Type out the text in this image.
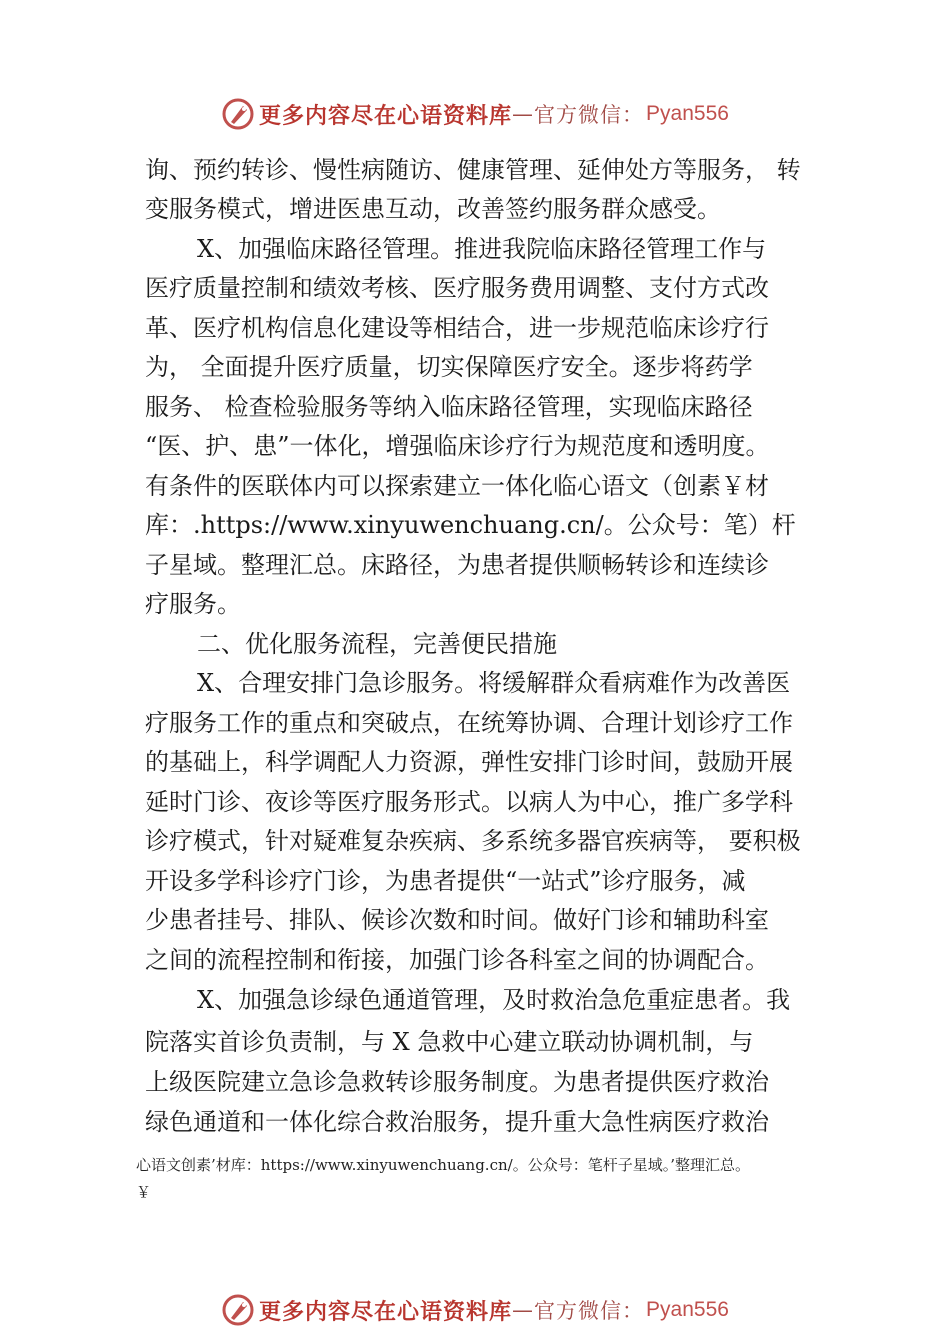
更多内容尽在心语资料库 — 官方微信： Pyan556
询、预约转诊、慢性病随访、健康管理、延伸处方等服务， 转
变服务模式，增进医患互动，改善签约服务群众感受。
X、加强临床路径管理。推进我院临床路径管理工作与
医疗质量控制和绩效考核、医疗服务费用调整、支付方式改
革、医疗机构信息化建设等相结合，进一步规范临床诊疗行
为， 全面提升医疗质量，切实保障医疗安全。逐步将药学
服务、 检查检验服务等纳入临床路径管理，实现临床路径
“医、护、患”一体化，增强临床诊疗行为规范度和透明度。
有条件的医联体内可以探索建立一体化临心语文（创素￥材
库：.https://www.xinyuwenchuang.cn/。公众号：笔）杆
子星域。整理汇总。床路径，为患者提供顺畅转诊和连续诊
疗服务。
二、优化服务流程，完善便民措施
X、合理安排门急诊服务。将缓解群众看病难作为改善医
疗服务工作的重点和突破点，在统筹协调、合理计划诊疗工作
的基础上，科学调配人力资源，弹性安排门诊时间，鼓励开展
延时门诊、夜诊等医疗服务形式。以病人为中心，推广多学科
诊疗模式，针对疑难复杂疾病、多系统多器官疾病等， 要积极
开设多学科诊疗门诊，为患者提供“一站式”诊疗服务，减
少患者挂号、排队、候诊次数和时间。做好门诊和辅助科室
之间的流程控制和衔接，加强门诊各科室之间的协调配合。
X、加强急诊绿色通道管理，及时救治急危重症患者。我
院落实首诊负责制，与 X 急救中心建立联动协调机制，与
上级医院建立急诊急救转诊服务制度。为患者提供医疗救治
绿色通道和一体化综合救治服务，提升重大急性病医疗救治
心语文创素’材库：https://www.xinyuwenchuang.cn/。公众号：笔杆子星域。’整理汇总。
￥
更多内容尽在心语资料库 — 官方微信： Pyan556
